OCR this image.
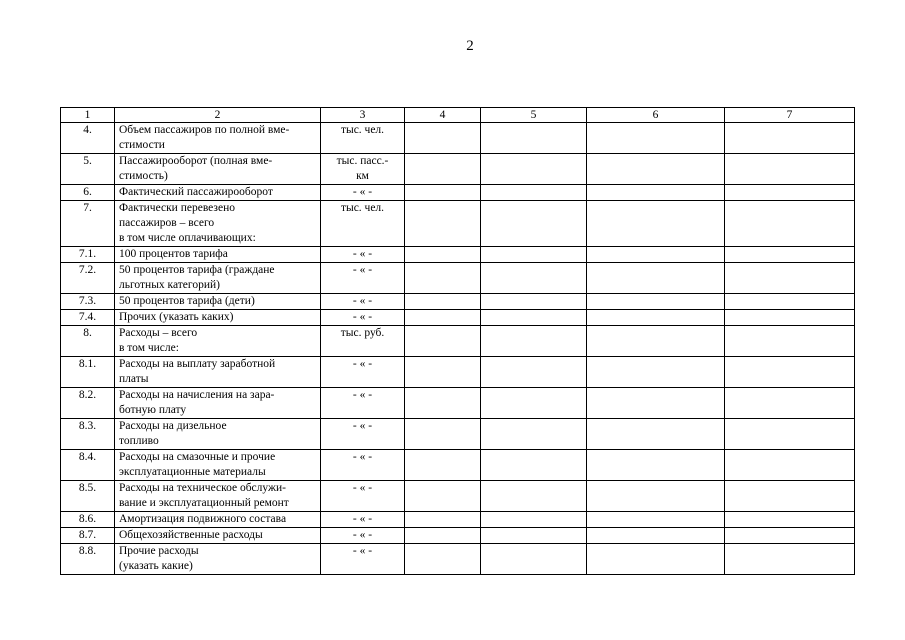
2
1	2	3	4	5	6	7
4.	Объем пассажиров по полной вме-
стимости	тыс. чел.				
5.	Пассажирооборот (полная вме-
стимость)	тыс. пасс.-
км				

6.	Фактический пассажирооборот	- « -				
7.	Фактически перевезено
пассажиров – всего
в том числе оплачивающих:	тыс. чел.				
7.1.	100 процентов тарифа	- « -				
7.2.	50 процентов тарифа (граждане
льготных категорий)	- « -				
7.3.	50 процентов тарифа (дети)	- « -				
7.4.	Прочих (указать каких)	- « -				
8.	Расходы – всего
в том числе:	тыс. руб.				
8.1.	Расходы на выплату заработной
платы	- « -				
8.2.	Расходы на начисления на зара-
ботную плату	- « -				
8.3.	Расходы на дизельное
топливо	- « -				
8.4.	Расходы на смазочные и прочие
эксплуатационные материалы	- « -				
8.5.	Расходы на техническое обслужи-
вание и эксплуатационный ремонт	- « -				
8.6.	Амортизация подвижного состава	- « -				
8.7.	Общехозяйственные расходы	- « -				
8.8.	Прочие расходы
(указать какие)	- « -				
